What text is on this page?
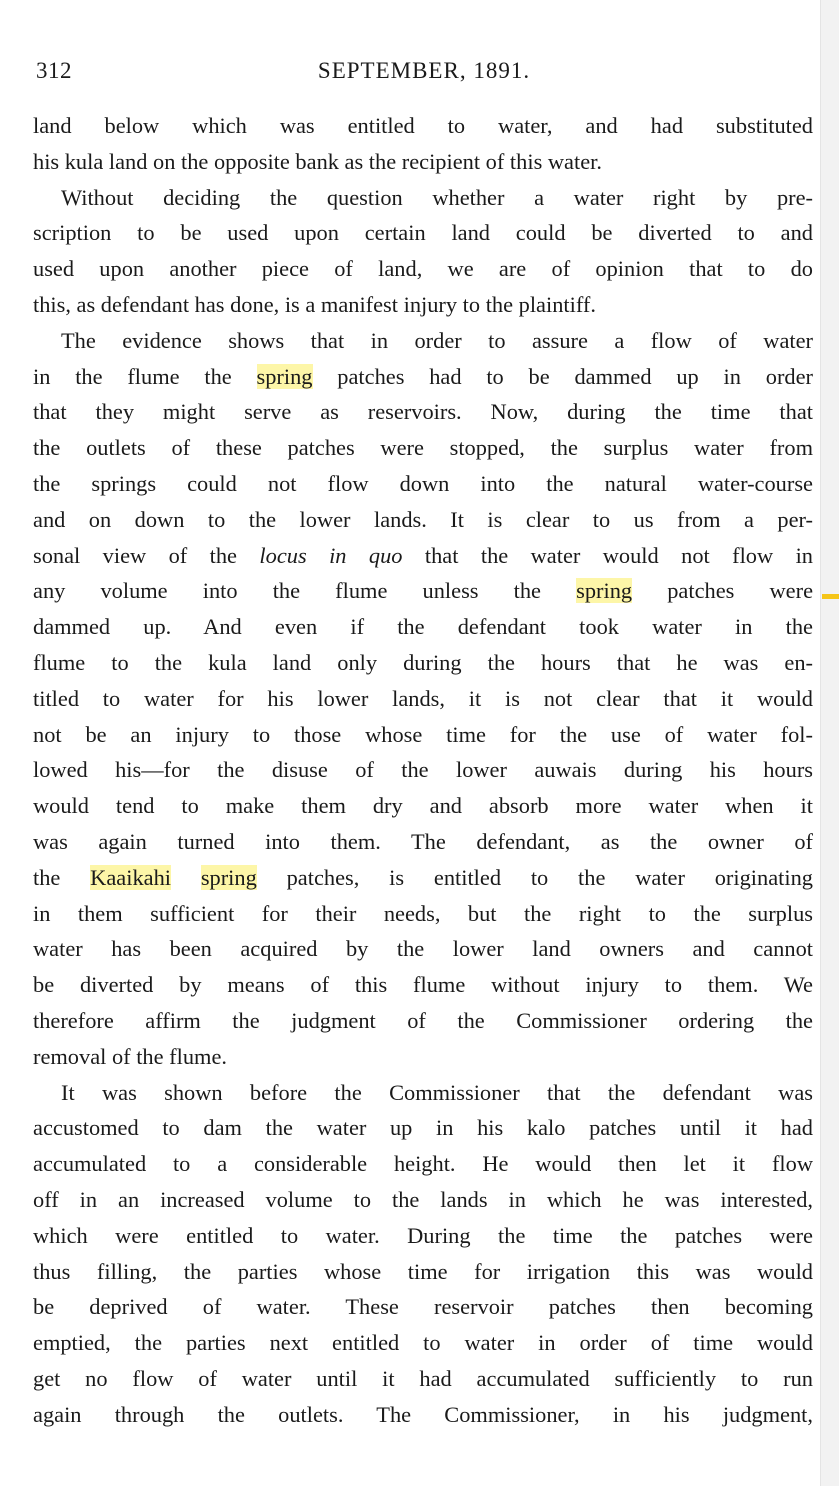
312	SEPTEMBER, 1891.
land below which was entitled to water, and had substituted
his kula land on the opposite bank as the recipient of this water.
Without deciding the question whether a water right by pre-
scription to be used upon certain land could be diverted to and
used upon another piece of land, we are of opinion that to do
this, as defendant has done, is a manifest injury to the plaintiff.
The evidence shows that in order to assure a flow of water
in the flume the spring patches had to be dammed up in order
that they might serve as reservoirs. Now, during the time that
the outlets of these patches were stopped, the surplus water from
the springs could not flow down into the natural water-course
and on down to the lower lands. It is clear to us from a per-
sonal view of the locus in quo that the water would not flow in
any volume into the flume unless the spring patches were
dammed up. And even if the defendant took water in the
flume to the kula land only during the hours that he was en-
titled to water for his lower lands, it is not clear that it would
not be an injury to those whose time for the use of water fol-
lowed his—for the disuse of the lower auwais during his hours
would tend to make them dry and absorb more water when it
was again turned into them. The defendant, as the owner of
the Kaaikahi spring patches, is entitled to the water originating
in them sufficient for their needs, but the right to the surplus
water has been acquired by the lower land owners and cannot
be diverted by means of this flume without injury to them. We
therefore affirm the judgment of the Commissioner ordering the
removal of the flume.
It was shown before the Commissioner that the defendant was
accustomed to dam the water up in his kalo patches until it had
accumulated to a considerable height. He would then let it flow
off in an increased volume to the lands in which he was interested,
which were entitled to water. During the time the patches were
thus filling, the parties whose time for irrigation this was would
be deprived of water. These reservoir patches then becoming
emptied, the parties next entitled to water in order of time would
get no flow of water until it had accumulated sufficiently to run
again through the outlets. The Commissioner, in his judgment,
